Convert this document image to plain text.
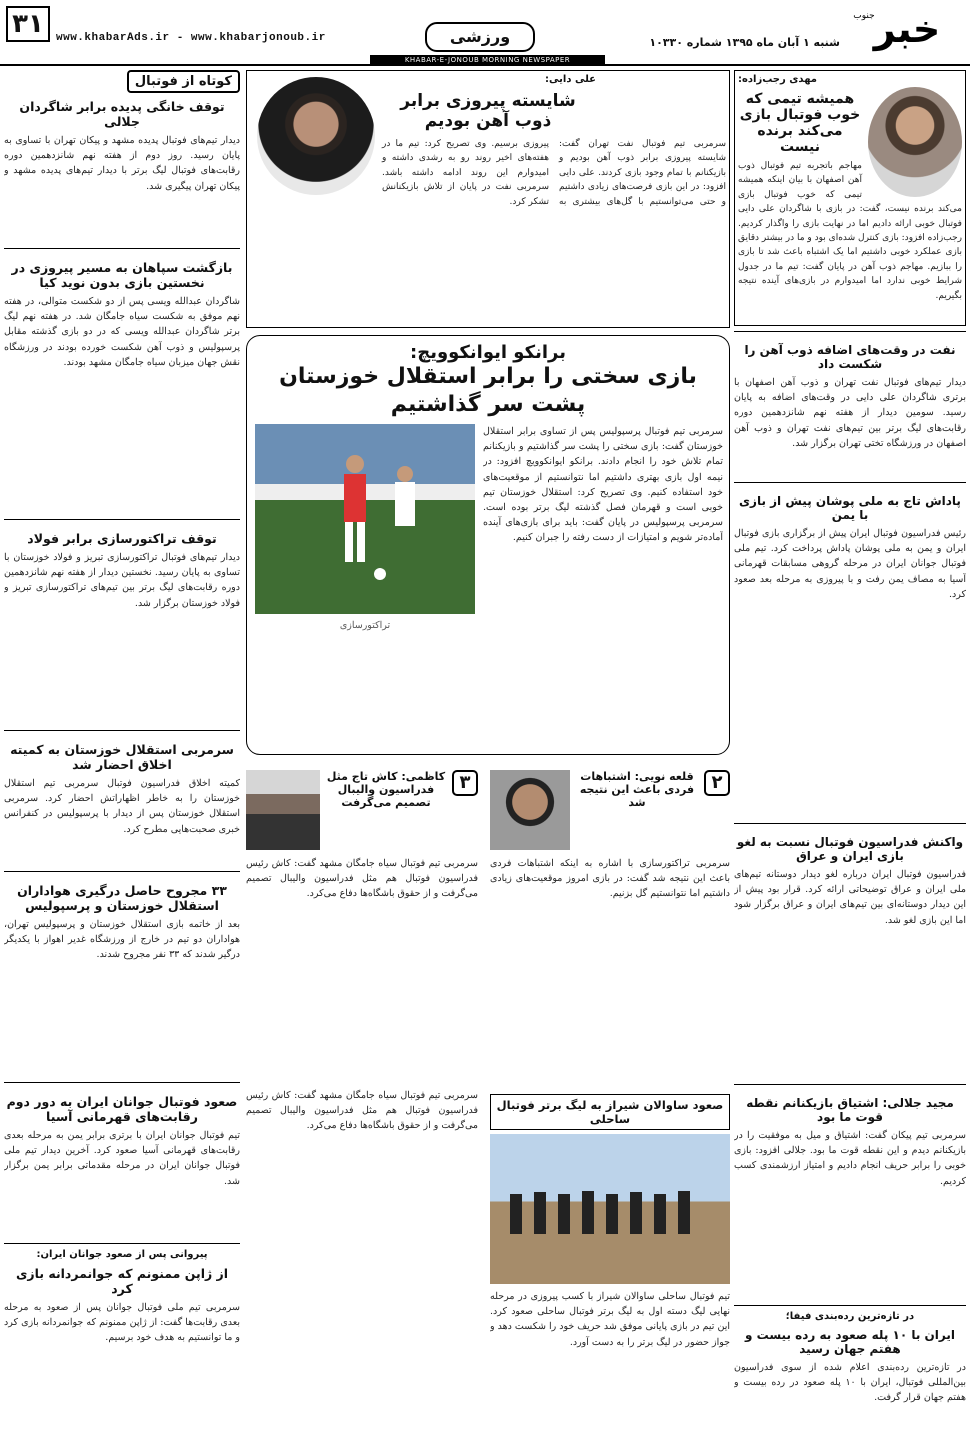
۳۱	www.khabarAds.ir - www.khabarjonoub.ir	ورزشی	شنبه ۱ آبان ماه ۱۳۹۵ شماره ۱۰۳۳۰ خبر
جنوب
KHABAR-E-JONOUB MORNING NEWSPAPER
مهدی رجب‌زاده:
همیشه تیمی که خوب فوتبال بازی می‌کند برنده نیست
مهاجم باتجربه تیم فوتبال ذوب آهن اصفهان با بیان اینکه همیشه تیمی که خوب فوتبال بازی می‌کند برنده نیست، گفت: در بازی با شاگردان علی دایی فوتبال خوبی ارائه دادیم اما در نهایت بازی را واگذار کردیم. رجب‌زاده افزود: بازی کنترل شده‌ای بود و ما در بیشتر دقایق بازی عملکرد خوبی داشتیم اما یک اشتباه باعث شد تا بازی را ببازیم. مهاجم ذوب آهن در پایان گفت: تیم ما در جدول شرایط خوبی ندارد اما امیدوارم در بازی‌های آینده نتیجه بگیریم.
نفت در وقت‌های اضافه ذوب آهن را شکست داد
دیدار تیم‌های فوتبال نفت تهران و ذوب آهن اصفهان با برتری شاگردان علی دایی در وقت‌های اضافه به پایان رسید. سومین دیدار از هفته نهم شانزدهمین دوره رقابت‌های لیگ برتر بین تیم‌های نفت تهران و ذوب آهن اصفهان در ورزشگاه تختی تهران برگزار شد.
پاداش تاج به ملی پوشان پیش از بازی با یمن
رئیس فدراسیون فوتبال ایران پیش از برگزاری بازی فوتبال ایران و یمن به ملی پوشان پاداش پرداخت کرد. تیم ملی فوتبال جوانان ایران در مرحله گروهی مسابقات قهرمانی آسیا به مصاف یمن رفت و با پیروزی به مرحله بعد صعود کرد.
واکنش فدراسیون فوتبال نسبت به لغو بازی ایران و عراق
فدراسیون فوتبال ایران درباره لغو دیدار دوستانه تیم‌های ملی ایران و عراق توضیحاتی ارائه کرد. قرار بود پیش از این دیدار دوستانه‌ای بین تیم‌های ایران و عراق برگزار شود اما این بازی لغو شد.
مجید جلالی: اشتیاق بازیکنانم نقطه قوت ما بود
سرمربی تیم پیکان گفت: اشتیاق و میل به موفقیت را در بازیکنانم دیدم و این نقطه قوت ما بود. جلالی افزود: بازی خوبی را برابر حریف انجام دادیم و امتیاز ارزشمندی کسب کردیم.
در تازه‌ترین رده‌بندی فیفا؛
ایران با ۱۰ پله صعود به رده بیست و هفتم جهان رسید
در تازه‌ترین رده‌بندی اعلام شده از سوی فدراسیون بین‌المللی فوتبال، ایران با ۱۰ پله صعود در رده بیست و هفتم جهان قرار گرفت.
علی دایی:
شایسته پیروزی برابر ذوب آهن بودیم
سرمربی تیم فوتبال نفت تهران گفت: شایسته پیروزی برابر ذوب آهن بودیم و بازیکنانم با تمام وجود بازی کردند. علی دایی افزود: در این بازی فرصت‌های زیادی داشتیم و حتی می‌توانستیم با گل‌های بیشتری به پیروزی برسیم. وی تصریح کرد: تیم ما در هفته‌های اخیر روند رو به رشدی داشته و امیدوارم این روند ادامه داشته باشد. سرمربی نفت در پایان از تلاش بازیکنانش تشکر کرد.
برانکو ایوانکوویچ:
بازی سختی را برابر استقلال خوزستان پشت سر گذاشتیم
سرمربی تیم فوتبال پرسپولیس پس از تساوی برابر استقلال خوزستان گفت: بازی سختی را پشت سر گذاشتیم و بازیکنانم تمام تلاش خود را انجام دادند. برانکو ایوانکوویچ افزود: در نیمه اول بازی بهتری داشتیم اما نتوانستیم از موقعیت‌های خود استفاده کنیم. وی تصریح کرد: استقلال خوزستان تیم خوبی است و قهرمان فصل گذشته لیگ برتر بوده است. سرمربی پرسپولیس در پایان گفت: باید برای بازی‌های آینده آماده‌تر شویم و امتیازات از دست رفته را جبران کنیم.
تراکتورسازی
۳
کاظمی: کاش تاج مثل فدراسیون والیبال تصمیم می‌گرفت
سرمربی تیم فوتبال سیاه جامگان مشهد گفت: کاش رئیس فدراسیون فوتبال هم مثل فدراسیون والیبال تصمیم می‌گرفت و از حقوق باشگاه‌ها دفاع می‌کرد.
۲
قلعه نویی: اشتباهات فردی باعث این نتیجه شد
سرمربی تراکتورسازی با اشاره به اینکه اشتباهات فردی باعث این نتیجه شد گفت: در بازی امروز موقعیت‌های زیادی داشتیم اما نتوانستیم گل بزنیم.
صعود ساوالان شیراز به لیگ برتر فوتبال ساحلی
تیم فوتبال ساحلی ساوالان شیراز با کسب پیروزی در مرحله نهایی لیگ دسته اول به لیگ برتر فوتبال ساحلی صعود کرد. این تیم در بازی پایانی موفق شد حریف خود را شکست دهد و جواز حضور در لیگ برتر را به دست آورد.
سرمربی تیم فوتبال سیاه جامگان مشهد گفت: کاش رئیس فدراسیون فوتبال هم مثل فدراسیون والیبال تصمیم می‌گرفت و از حقوق باشگاه‌ها دفاع می‌کرد.
کوتاه از فوتبال
توقف خانگی پدیده برابر شاگردان جلالی
دیدار تیم‌های فوتبال پدیده مشهد و پیکان تهران با تساوی به پایان رسید. روز دوم از هفته نهم شانزدهمین دوره رقابت‌های فوتبال لیگ برتر با دیدار تیم‌های پدیده مشهد و پیکان تهران پیگیری شد.
بازگشت سپاهان به مسیر پیروزی در نخستین بازی بدون نوید کیا
شاگردان عبدالله ویسی پس از دو شکست متوالی، در هفته نهم موفق به شکست سیاه جامگان شد. در هفته نهم لیگ برتر شاگردان عبدالله ویسی که در دو بازی گذشته مقابل پرسپولیس و ذوب آهن شکست خورده بودند در ورزشگاه نقش جهان میزبان سیاه جامگان مشهد بودند.
توقف تراکتورسازی برابر فولاد
دیدار تیم‌های فوتبال تراکتورسازی تبریز و فولاد خوزستان با تساوی به پایان رسید. نخستین دیدار از هفته نهم شانزدهمین دوره رقابت‌های لیگ برتر بین تیم‌های تراکتورسازی تبریز و فولاد خوزستان برگزار شد.
سرمربی استقلال خوزستان به کمیته اخلاق احضار شد
کمیته اخلاق فدراسیون فوتبال سرمربی تیم استقلال خوزستان را به خاطر اظهاراتش احضار کرد. سرمربی استقلال خوزستان پس از دیدار با پرسپولیس در کنفرانس خبری صحبت‌هایی مطرح کرد.
۳۳ مجروح حاصل درگیری هواداران استقلال خوزستان و پرسپولیس
بعد از خاتمه بازی استقلال خوزستان و پرسپولیس تهران، هواداران دو تیم در خارج از ورزشگاه غدیر اهواز با یکدیگر درگیر شدند که ۳۳ نفر مجروح شدند.
صعود فوتبال جوانان ایران به دور دوم رقابت‌های قهرمانی آسیا
تیم فوتبال جوانان ایران با برتری برابر یمن به مرحله بعدی رقابت‌های قهرمانی آسیا صعود کرد. آخرین دیدار تیم ملی فوتبال جوانان ایران در مرحله مقدماتی برابر یمن برگزار شد.
پیروانی پس از صعود جوانان ایران:
از ژاپن ممنونم که جوانمردانه بازی کرد
سرمربی تیم ملی فوتبال جوانان پس از صعود به مرحله بعدی رقابت‌ها گفت: از ژاپن ممنونم که جوانمردانه بازی کرد و ما توانستیم به هدف خود برسیم.
